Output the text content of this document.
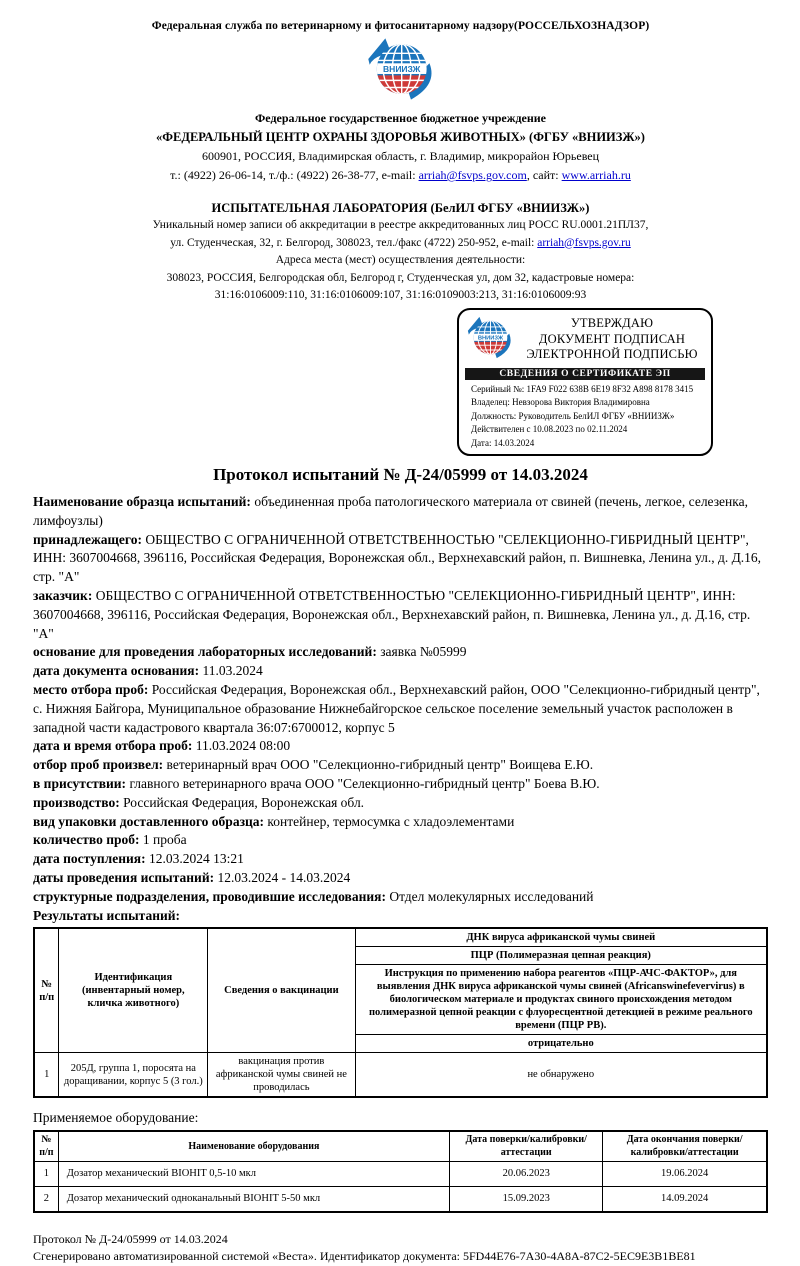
Федеральная служба по ветеринарному и фитосанитарному надзору(РОССЕЛЬХОЗНАДЗОР)
ВНИИЗЖ
Федеральное государственное бюджетное учреждение
«ФЕДЕРАЛЬНЫЙ ЦЕНТР ОХРАНЫ ЗДОРОВЬЯ ЖИВОТНЫХ» (ФГБУ «ВНИИЗЖ»)
600901, РОССИЯ, Владимирская область, г. Владимир, микрорайон Юрьевец
т.: (4922) 26-06-14, т./ф.: (4922) 26-38-77, e-mail: arriah@fsvps.gov.com, сайт: www.arriah.ru
ИСПЫТАТЕЛЬНАЯ ЛАБОРАТОРИЯ (БелИЛ ФГБУ «ВНИИЗЖ»)
Уникальный номер записи об аккредитации в реестре аккредитованных лиц РОСС RU.0001.21ПЛ37,
ул. Студенческая, 32, г. Белгород, 308023, тел./факс (4722) 250-952, e-mail: arriah@fsvps.gov.ru
Адреса места (мест) осуществления деятельности:
308023, РОССИЯ, Белгородская обл, Белгород г, Студенческая ул, дом 32, кадастровые номера:
31:16:0106009:110, 31:16:0106009:107, 31:16:0109003:213, 31:16:0106009:93
ВНИИЗЖ
УТВЕРЖДАЮ
ДОКУМЕНТ ПОДПИСАН
ЭЛЕКТРОННОЙ ПОДПИСЬЮ
СВЕДЕНИЯ О СЕРТИФИКАТЕ ЭП
Серийный №: 1FA9 F022 638B 6E19 8F32 A898 8178 3415
Владелец: Невзорова Виктория Владимировна
Должность: Руководитель БелИЛ ФГБУ «ВНИИЗЖ»
Действителен с 10.08.2023 по 02.11.2024
Дата: 14.03.2024
Протокол испытаний № Д-24/05999 от 14.03.2024

Наименование образца испытаний: объединенная проба патологического материала от свиней (печень, легкое, селезенка, лимфоузлы)

принадлежащего: ОБЩЕСТВО С ОГРАНИЧЕННОЙ ОТВЕТСТВЕННОСТЬЮ "СЕЛЕКЦИОННО-ГИБРИДНЫЙ ЦЕНТР", ИНН: 3607004668, 396116, Российская Федерация, Воронежская обл., Верхнехавский район, п. Вишневка, Ленина ул., д. Д.16, стр. "А"

заказчик: ОБЩЕСТВО С ОГРАНИЧЕННОЙ ОТВЕТСТВЕННОСТЬЮ "СЕЛЕКЦИОННО-ГИБРИДНЫЙ ЦЕНТР", ИНН: 3607004668, 396116, Российская Федерация, Воронежская обл., Верхнехавский район, п. Вишневка, Ленина ул., д. Д.16, стр. "А"

основание для проведения лабораторных исследований: заявка №05999

дата документа основания: 11.03.2024

место отбора проб: Российская Федерация, Воронежская обл., Верхнехавский район, ООО "Селекционно-гибридный центр", с. Нижняя Байгора, Муниципальное образование Нижнебайгорское сельское поселение земельный участок расположен в западной части кадастрового квартала 36:07:6700012, корпус 5

дата и время отбора проб: 11.03.2024 08:00

отбор проб произвел: ветеринарный врач ООО "Селекционно-гибридный центр" Воищева Е.Ю.

в присутствии: главного ветеринарного врача ООО "Селекционно-гибридный центр" Боева В.Ю.

производство: Российская Федерация, Воронежская обл.

вид упаковки доставленного образца: контейнер, термосумка с хладоэлементами

количество проб: 1 проба

дата поступления: 12.03.2024 13:21

даты проведения испытаний: 12.03.2024 - 14.03.2024

структурные подразделения, проводившие исследования: Отдел молекулярных исследований

Результаты испытаний:

№ п/п	Идентификация (инвентарный номер, кличка животного)	Сведения о вакцинации	ДНК вируса африканской чумы свиней
			ПЦР (Полимеразная цепная реакция)
			Инструкция по применению набора реагентов «ПЦР-АЧС-ФАКТОР», для выявления ДНК вируса африканской чумы свиней (Africanswinefevervirus) в биологическом материале и продуктах свиного происхождения методом полимеразной цепной реакции с флуоресцентной детекцией в режиме реального времени (ПЦР РВ).
			отрицательно
1	205Д, группа 1, поросята на доращивании, корпус 5 (3 гол.)	вакцинация против африканской чумы свиней не проводилась	не обнаружено

Применяемое оборудование:

№ п/п	Наименование оборудования	Дата поверки/калибровки/аттестации	Дата окончания поверки/калибровки/аттестации
1	Дозатор механический BIOHIT 0,5-10 мкл	20.06.2023	19.06.2024
2	Дозатор механический одноканальный BIOHIT 5-50 мкл	15.09.2023	14.09.2024
Протокол № Д-24/05999 от 14.03.2024
Сгенерировано автоматизированной системой «Веста». Идентификатор документа: 5FD44E76-7A30-4A8A-87C2-5EC9E3B1BE81
